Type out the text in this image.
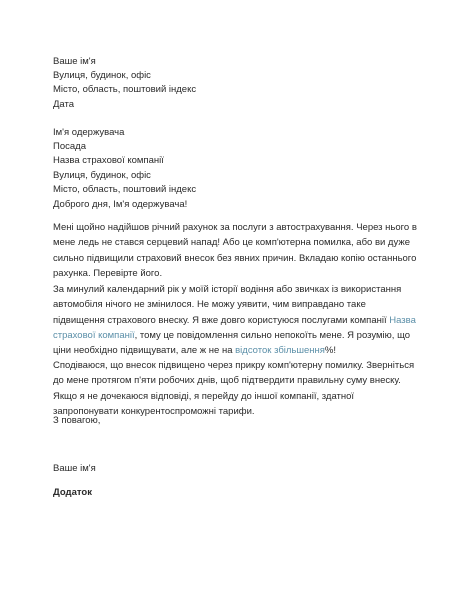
Ваше ім'я
Вулиця, будинок, офіс
Місто, область, поштовий індекс
Дата
Ім'я одержувача
Посада
Назва страхової компанії
Вулиця, будинок, офіс
Місто, область, поштовий індекс
Доброго дня, Ім'я одержувача!

Мені щойно надійшов річний рахунок за послуги з автострахування. Через нього в мене ледь не стався серцевий напад! Або це комп'ютерна помилка, або ви дуже сильно підвищили страховий внесок без явних причин. Вкладаю копію останнього рахунка. Перевірте його.

За минулий календарний рік у моїй історії водіння або звичках із використання автомобіля нічого не змінилося. Не можу уявити, чим виправдано таке підвищення страхового внеску. Я вже довго користуюся послугами компанії Назва страхової компанії, тому це повідомлення сильно непокоїть мене. Я розумію, що ціни необхідно підвищувати, але ж не на відсоток збільшення%!

Сподіваюся, що внесок підвищено через прикру комп'ютерну помилку. Зверніться до мене протягом п'яти робочих днів, щоб підтвердити правильну суму внеску. Якщо я не дочекаюся відповіді, я перейду до іншої компанії, здатної запропонувати конкурентоспроможні тарифи.

З повагою,
Ваше ім'я
Додаток
